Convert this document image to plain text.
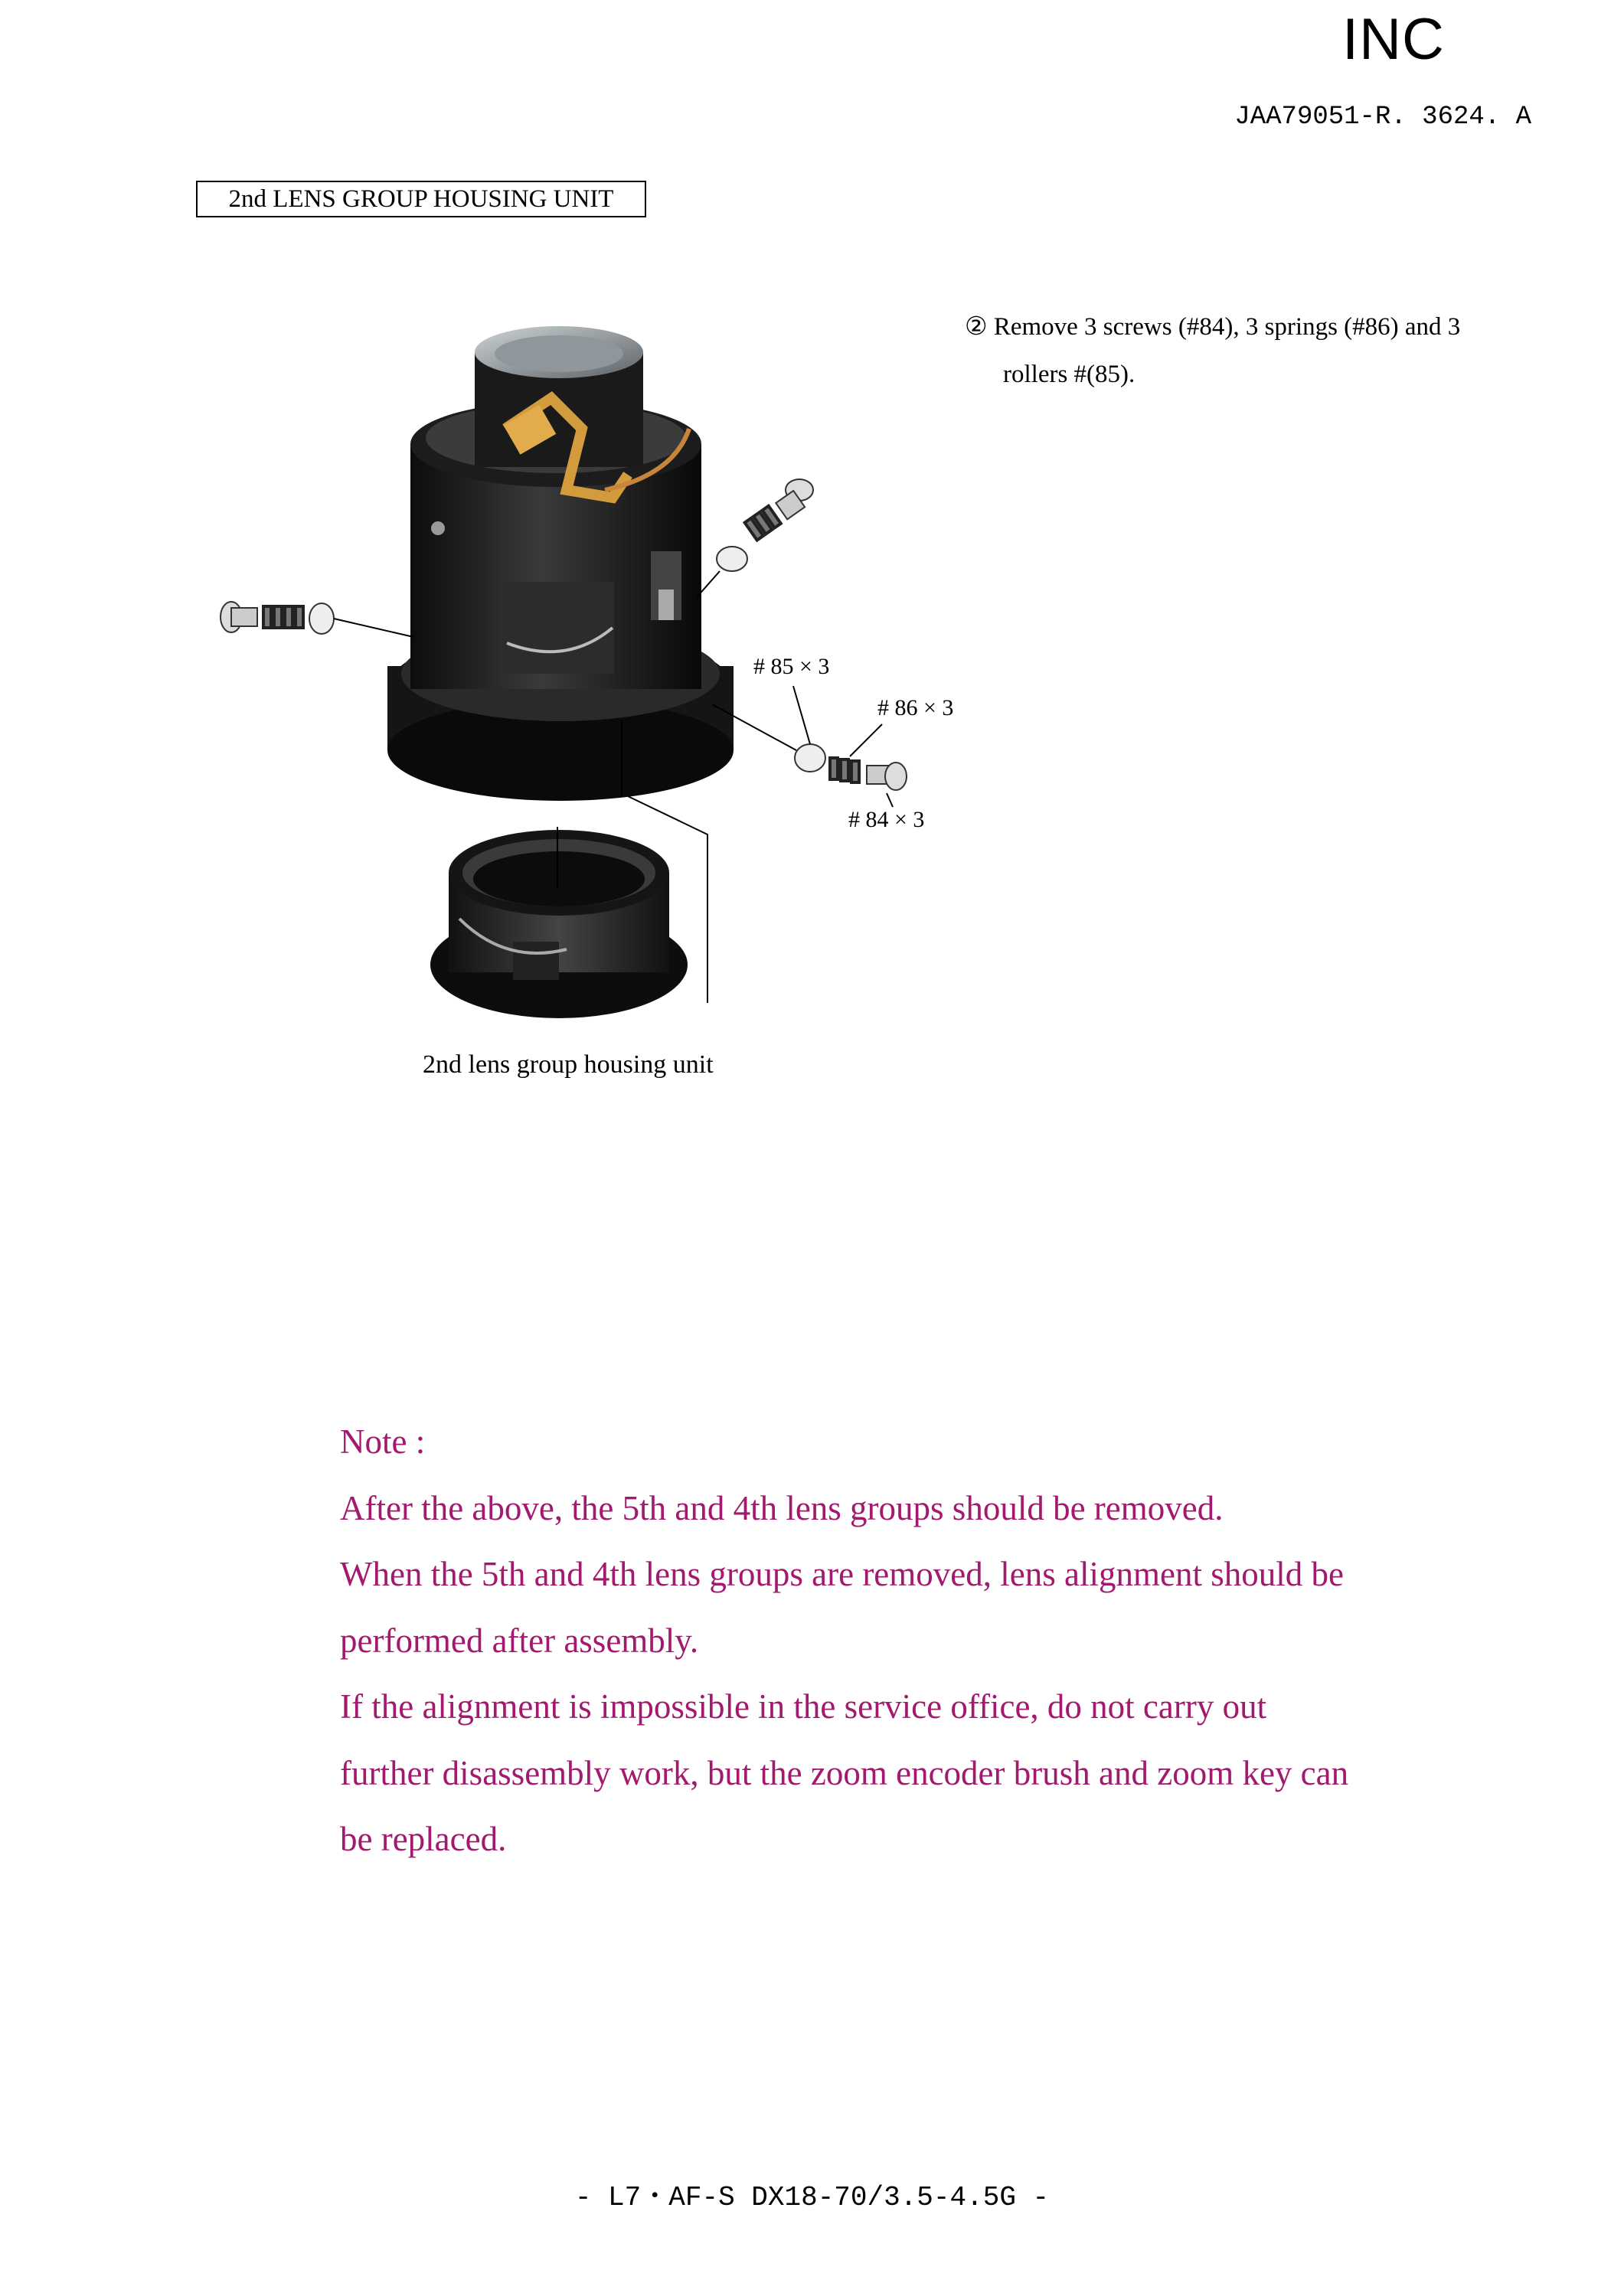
INC
JAA79051-R. 3624. A
2nd LENS GROUP HOUSING UNIT
② Remove 3 screws (#84), 3 springs (#86) and 3
rollers #(85).
# 85 × 3
# 86 × 3
# 84 × 3
2nd lens group housing unit

Note :

After the above, the 5th and 4th lens groups should be removed.

When the 5th and 4th lens groups are removed, lens alignment should be

performed after assembly.

If the alignment is impossible in the service office, do not carry out

further disassembly work, but the zoom encoder brush and zoom key can

be replaced.

- L7・AF-S DX18-70/3.5-4.5G -
